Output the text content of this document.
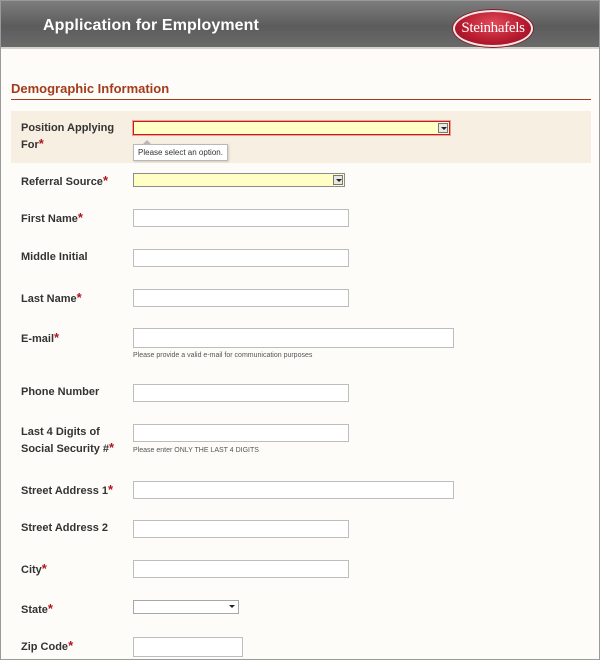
Application for Employment	Steinhafels
Demographic Information
Position Applying For*
Please select an option.
Referral Source*
First Name*
Middle Initial
Last Name*
E-mail*
Please provide a valid e-mail for communication purposes
Phone Number
Last 4 Digits of Social Security #*	Please enter ONLY THE LAST 4 DIGITS
Street Address 1*
Street Address 2
City*
State*
Zip Code*
